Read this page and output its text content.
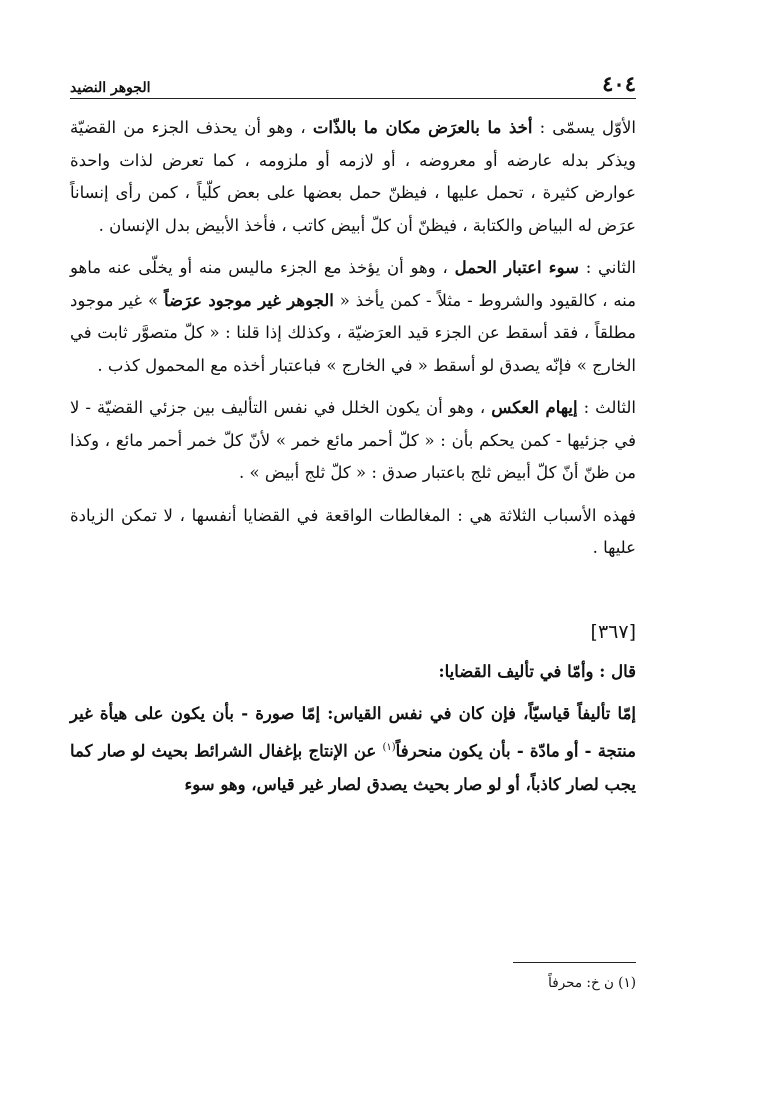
٤٠٤
الجوهر النضيد

الأوّل يسمّى : أخذ ما بالعرَض مكان ما بالذّات ، وهو أن يحذف الجزء من القضيّة ويذكر بدله عارضه أو معروضه ، أو لازمه أو ملزومه ، كما تعرض لذات واحدة عوارض كثيرة ، تحمل عليها ، فيظنّ حمل بعضها على بعض كلّياً ، كمن رأى إنساناً عرَض له البياض والكتابة ، فيظنّ أن كلّ أبيض كاتب ، فأخذ الأبيض بدل الإنسان .

الثاني : سوء اعتبار الحمل ، وهو أن يؤخذ مع الجزء ماليس منه أو يخلّى عنه ماهو منه ، كالقيود والشروط - مثلاً - كمن يأخذ « الجوهر غير موجود عرَضاً » غير موجود مطلقاً ، فقد أسقط عن الجزء قيد العرَضيّة ، وكذلك إذا قلنا : « كلّ متصوَّر ثابت في الخارج » فإنّه يصدق لو أسقط « في الخارج » فباعتبار أخذه مع المحمول كذب .

الثالث : إيهام العكس ، وهو أن يكون الخلل في نفس التأليف بين جزئي القضيّة - لا في جزئيها - كمن يحكم بأن : « كلّ أحمر مائع خمر » لأنّ كلّ خمر أحمر مائع ، وكذا من ظنّ أنّ كلّ أبيض ثلج باعتبار صدق : « كلّ ثلج أبيض » .

فهذه الأسباب الثلاثة هي : المغالطات الواقعة في القضايا أنفسها ، لا تمكن الزيادة عليها .

[٣٦٧]

قال : وأمّا في تأليف القضايا:

إمّا تأليفاً قياسيّاً، فإن كان في نفس القياس: إمّا صورة - بأن يكون على هيأة غير منتجة - أو مادّة - بأن يكون منحرفاً$^{(١)}$ عن الإنتاج بإغفال الشرائط بحيث لو صار كما يجب لصار كاذباً، أو لو صار بحيث يصدق لصار غير قياس، وهو سوء

(١) ن خ: محرفاً
